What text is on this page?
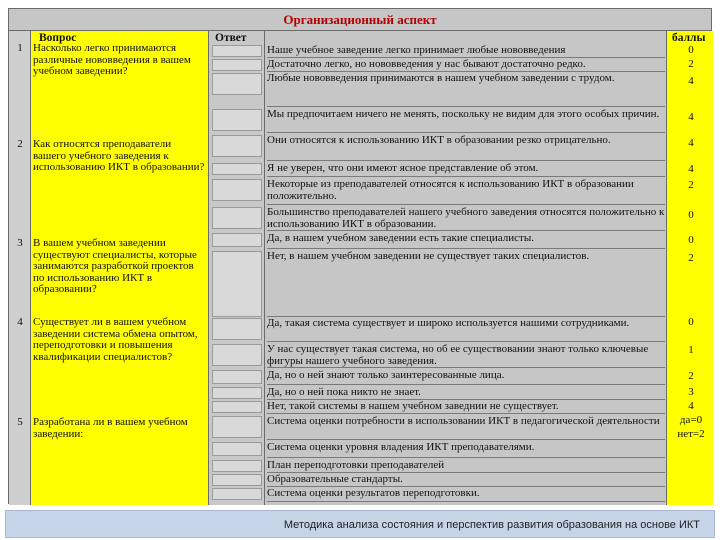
Организационный аспект
Вопрос	Ответ	баллы
1
2
3
4
5
Насколько легко принимаются различные нововведения в вашем учебном заведении?
Как относятся преподаватели вашего учебного заведения к использованию ИКТ в образовании?
В вашем учебном заведении существуют специалисты, которые занимаются разработкой проектов по использованию ИКТ в образовании?
Существует ли в вашем учебном заведении система обмена опытом, переподготовки и повышения квалификации специалистов?
Разработана ли в вашем учебном заведении:
Наше учебное заведение легко принимает любые нововведения
Достаточно легко, но нововведения у нас бывают достаточно редко.
Любые нововведения принимаются в нашем учебном заведении с трудом.
Мы предпочитаем ничего не менять, поскольку не видим для этого особых причин.
Они относятся к использованию ИКТ в образовании резко отрицательно.
Я не уверен, что они имеют ясное представление об этом.
Некоторые из преподавателей относятся к использованию ИКТ в образовании положительно.
Большинство преподавателей нашего учебного заведения относятся положительно к использованию ИКТ в образовании.
Да, в нашем учебном заведении есть такие специалисты.
Нет, в нашем учебном заведении не существует таких специалистов.
Да, такая система существует и широко используется нашими сотрудниками.
У нас существует такая система, но об ее существовании знают только ключевые фигуры нашего учебного заведения.
Да, но о ней знают только заинтересованные лица.
Да, но о ней пока никто не знает.
Нет, такой системы в нашем учебном заведнии не существует.
Система оценки потребности в использовании ИКТ в педагогической деятельности
Система оценки уровня владения ИКТ преподавателями.
План переподготовки преподавателей
Образовательные стандарты.
Система оценки результатов переподготовки.
0
2
4
4
4
4
2
0
0
2
0
1
2
3
4
да=0
нет=2
Методика анализа состояния и перспектив развития образования на основе ИКТ
